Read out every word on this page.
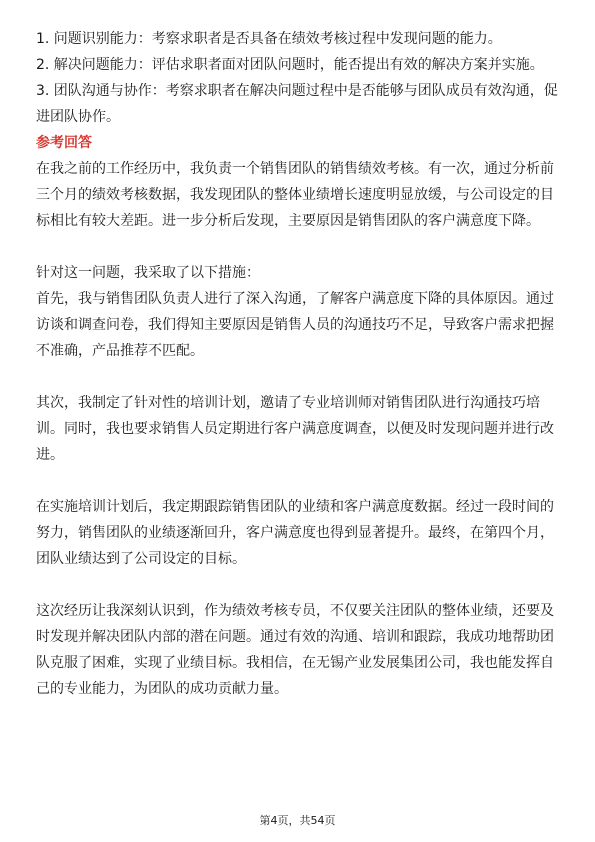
1. 问题识别能力：考察求职者是否具备在绩效考核过程中发现问题的能力。

2. 解决问题能力：评估求职者面对团队问题时，能否提出有效的解决方案并实施。

3. 团队沟通与协作：考察求职者在解决问题过程中是否能够与团队成员有效沟通，促进团队协作。

参考回答

在我之前的工作经历中，我负责一个销售团队的销售绩效考核。有一次，通过分析前三个月的绩效考核数据，我发现团队的整体业绩增长速度明显放缓，与公司设定的目标相比有较大差距。进一步分析后发现，主要原因是销售团队的客户满意度下降。

针对这一问题，我采取了以下措施：

首先，我与销售团队负责人进行了深入沟通，了解客户满意度下降的具体原因。通过访谈和调查问卷，我们得知主要原因是销售人员的沟通技巧不足，导致客户需求把握不准确，产品推荐不匹配。

其次，我制定了针对性的培训计划，邀请了专业培训师对销售团队进行沟通技巧培训。同时，我也要求销售人员定期进行客户满意度调查，以便及时发现问题并进行改进。

在实施培训计划后，我定期跟踪销售团队的业绩和客户满意度数据。经过一段时间的努力，销售团队的业绩逐渐回升，客户满意度也得到显著提升。最终，在第四个月，团队业绩达到了公司设定的目标。

这次经历让我深刻认识到，作为绩效考核专员，不仅要关注团队的整体业绩，还要及时发现并解决团队内部的潜在问题。通过有效的沟通、培训和跟踪，我成功地帮助团队克服了困难，实现了业绩目标。我相信，在无锡产业发展集团公司，我也能发挥自己的专业能力，为团队的成功贡献力量。

第4页，共54页
